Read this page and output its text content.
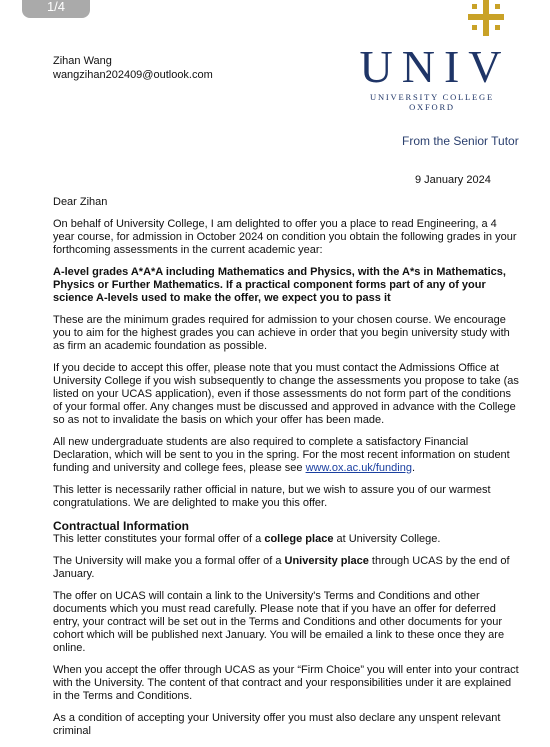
1/4
Zihan Wang
wangzihan202409@outlook.com	UNIV
UNIVERSITY COLLEGE OXFORD
From the Senior Tutor
9 January 2024

Dear Zihan

On behalf of University College, I am delighted to offer you a place to read Engineering, a 4 year course, for admission in October 2024 on condition you obtain the following grades in your forthcoming assessments in the current academic year:

A-level grades A*A*A including Mathematics and Physics, with the A*s in Mathematics, Physics or Further Mathematics. If a practical component forms part of any of your science A-levels used to make the offer, we expect you to pass it

These are the minimum grades required for admission to your chosen course. We encourage you to aim for the highest grades you can achieve in order that you begin university study with as firm an academic foundation as possible.

If you decide to accept this offer, please note that you must contact the Admissions Office at University College if you wish subsequently to change the assessments you propose to take (as listed on your UCAS application), even if those assessments do not form part of the conditions of your formal offer. Any changes must be discussed and approved in advance with the College so as not to invalidate the basis on which your offer has been made.

All new undergraduate students are also required to complete a satisfactory Financial Declaration, which will be sent to you in the spring. For the most recent information on student funding and university and college fees, please see www.ox.ac.uk/funding.

This letter is necessarily rather official in nature, but we wish to assure you of our warmest congratulations. We are delighted to make you this offer.

Contractual Information

This letter constitutes your formal offer of a college place at University College.

The University will make you a formal offer of a University place through UCAS by the end of January.

The offer on UCAS will contain a link to the University's Terms and Conditions and other documents which you must read carefully. Please note that if you have an offer for deferred entry, your contract will be set out in the Terms and Conditions and other documents for your cohort which will be published next January. You will be emailed a link to these once they are online.

When you accept the offer through UCAS as your “Firm Choice” you will enter into your contract with the University. The content of that contract and your responsibilities under it are explained in the Terms and Conditions.

As a condition of accepting your University offer you must also declare any unspent relevant criminal
